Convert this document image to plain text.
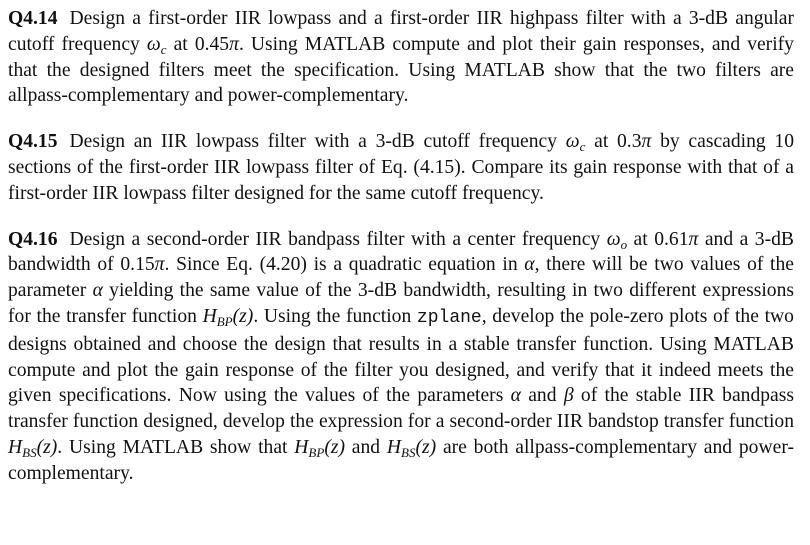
Q4.14 Design a first-order IIR lowpass and a first-order IIR highpass filter with a 3-dB angular cutoff frequency $\omega_c$ at 0.45π. Using MATLAB compute and plot their gain responses, and verify that the designed filters meet the specification. Using MATLAB show that the two filters are allpass-complementary and power-complementary.

Q4.15 Design an IIR lowpass filter with a 3-dB cutoff frequency $\omega_c$ at 0.3π by cascading 10 sections of the first-order IIR lowpass filter of Eq. (4.15). Compare its gain response with that of a first-order IIR lowpass filter designed for the same cutoff frequency.

Q4.16 Design a second-order IIR bandpass filter with a center frequency $\omega_o$ at 0.61π and a 3-dB bandwidth of 0.15π. Since Eq. (4.20) is a quadratic equation in α, there will be two values of the parameter α yielding the same value of the 3-dB bandwidth, resulting in two different expressions for the transfer function $H_{BP}(z)$. Using the function zplane, develop the pole-zero plots of the two designs obtained and choose the design that results in a stable transfer function. Using MATLAB compute and plot the gain response of the filter you designed, and verify that it indeed meets the given specifications. Now using the values of the parameters α and β of the stable IIR bandpass transfer function designed, develop the expression for a second-order IIR bandstop transfer function $H_{BS}(z)$. Using MATLAB show that $H_{BP}(z)$ and $H_{BS}(z)$ are both allpass-complementary and power-complementary.
